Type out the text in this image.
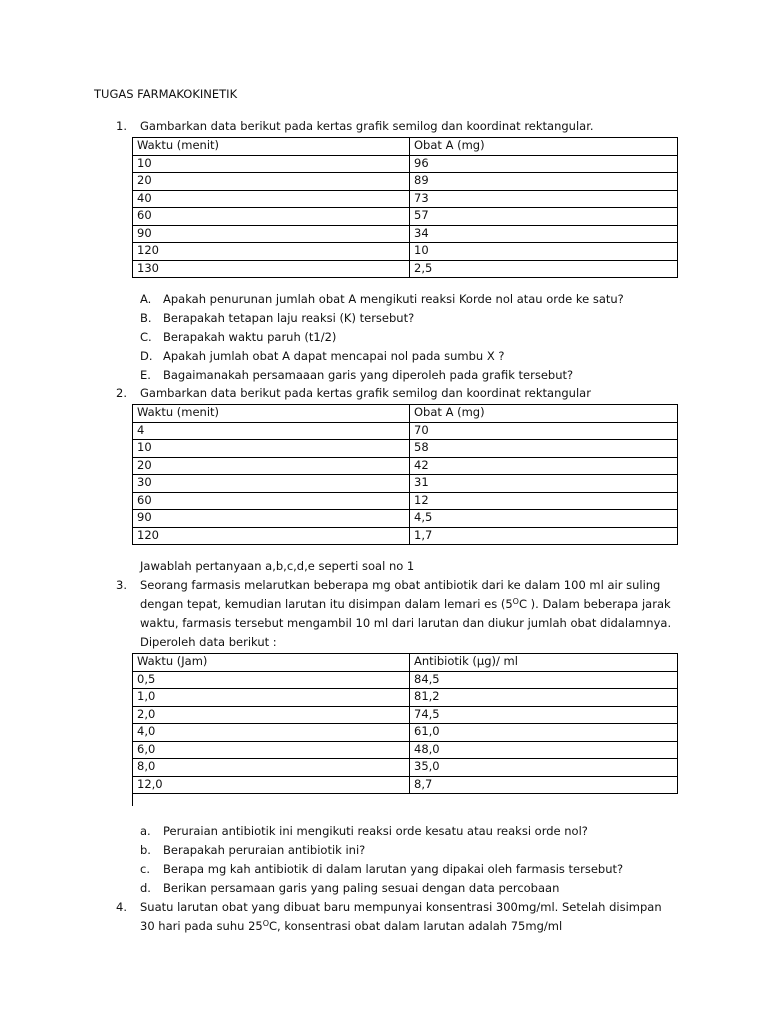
TUGAS FARMAKOKINETIK
1. Gambarkan data berikut pada kertas grafik semilog dan koordinat rektangular.
Waktu (menit)	Obat A (mg)
10	96
20	89
40	73
60	57
90	34
120	10
130	2,5
A. Apakah penurunan jumlah obat A mengikuti reaksi Korde nol atau orde ke satu?
B. Berapakah tetapan laju reaksi (K) tersebut?
C. Berapakah waktu paruh (t1/2)
D. Apakah jumlah obat A dapat mencapai nol pada sumbu X ?
E. Bagaimanakah persamaaan garis yang diperoleh pada grafik tersebut?
2. Gambarkan data berikut pada kertas grafik semilog dan koordinat rektangular
Waktu (menit)	Obat A (mg)
4	70
10	58
20	42
30	31
60	12
90	4,5
120	1,7
Jawablah pertanyaan a,b,c,d,e seperti soal no 1
3. Seorang farmasis melarutkan beberapa mg obat antibiotik dari ke dalam 100 ml air suling
dengan tepat, kemudian larutan itu disimpan dalam lemari es ($5^OC$ ). Dalam beberapa jarak
waktu, farmasis tersebut mengambil 10 ml dari larutan dan diukur jumlah obat didalamnya.
Diperoleh data berikut :
Waktu (Jam)	Antibiotik (μg)/ ml
0,5	84,5
1,0	81,2
2,0	74,5
4,0	61,0
6,0	48,0
8,0	35,0
12,0	8,7
a. Peruraian antibiotik ini mengikuti reaksi orde kesatu atau reaksi orde nol?
b. Berapakah peruraian antibiotik ini?
c. Berapa mg kah antibiotik di dalam larutan yang dipakai oleh farmasis tersebut?
d. Berikan persamaan garis yang paling sesuai dengan data percobaan
4. Suatu larutan obat yang dibuat baru mempunyai konsentrasi 300mg/ml. Setelah disimpan
30 hari pada suhu $25^OC$, konsentrasi obat dalam larutan adalah 75mg/ml
